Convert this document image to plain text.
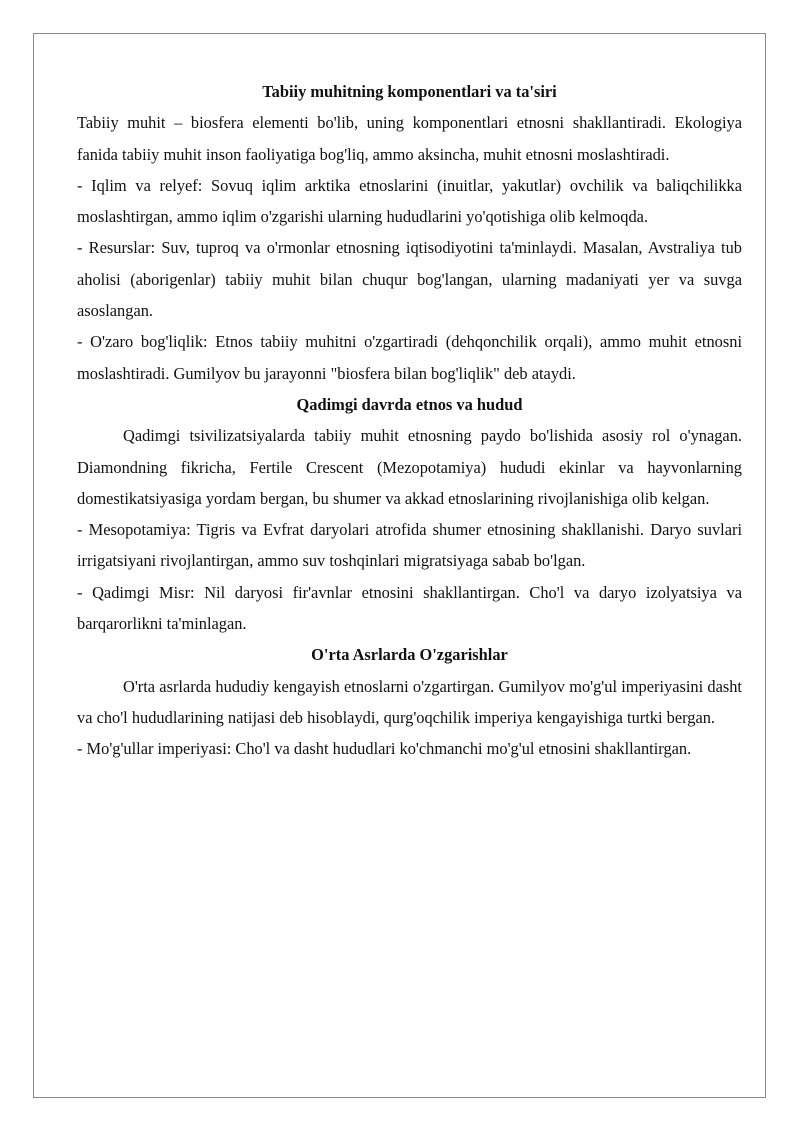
Tabiiy muhitning komponentlari va ta'siri

Tabiiy muhit – biosfera elementi bo'lib, uning komponentlari etnosni shakllantiradi. Ekologiya fanida tabiiy muhit inson faoliyatiga bog'liq, ammo aksincha, muhit etnosni moslashtiradi.

- Iqlim va relyef: Sovuq iqlim arktika etnoslarini (inuitlar, yakutlar) ovchilik va baliqchilikka moslashtirgan, ammo iqlim o'zgarishi ularning hududlarini yo'qotishiga olib kelmoqda.

- Resurslar: Suv, tuproq va o'rmonlar etnosning iqtisodiyotini ta'minlaydi. Masalan, Avstraliya tub aholisi (aborigenlar) tabiiy muhit bilan chuqur bog'langan, ularning madaniyati yer va suvga asoslangan.

- O'zaro bog'liqlik: Etnos tabiiy muhitni o'zgartiradi (dehqonchilik orqali), ammo muhit etnosni moslashtiradi. Gumilyov bu jarayonni "biosfera bilan bog'liqlik" deb ataydi.

Qadimgi davrda etnos va hudud

Qadimgi tsivilizatsiyalarda tabiiy muhit etnosning paydo bo'lishida asosiy rol o'ynagan. Diamondning fikricha, Fertile Crescent (Mezopotamiya) hududi ekinlar va hayvonlarning domestikatsiyasiga yordam bergan, bu shumer va akkad etnoslarining rivojlanishiga olib kelgan.

- Mesopotamiya: Tigris va Evfrat daryolari atrofida shumer etnosining shakllanishi. Daryo suvlari irrigatsiyani rivojlantirgan, ammo suv toshqinlari migratsiyaga sabab bo'lgan.

- Qadimgi Misr: Nil daryosi fir'avnlar etnosini shakllantirgan. Cho'l va daryo izolyatsiya va barqarorlikni ta'minlagan.

O'rta Asrlarda O'zgarishlar

O'rta asrlarda hududiy kengayish etnoslarni o'zgartirgan. Gumilyov mo'g'ul imperiyasini dasht va cho'l hududlarining natijasi deb hisoblaydi, qurg'oqchilik imperiya kengayishiga turtki bergan.

- Mo'g'ullar imperiyasi: Cho'l va dasht hududlari ko'chmanchi mo'g'ul etnosini shakllantirgan.
